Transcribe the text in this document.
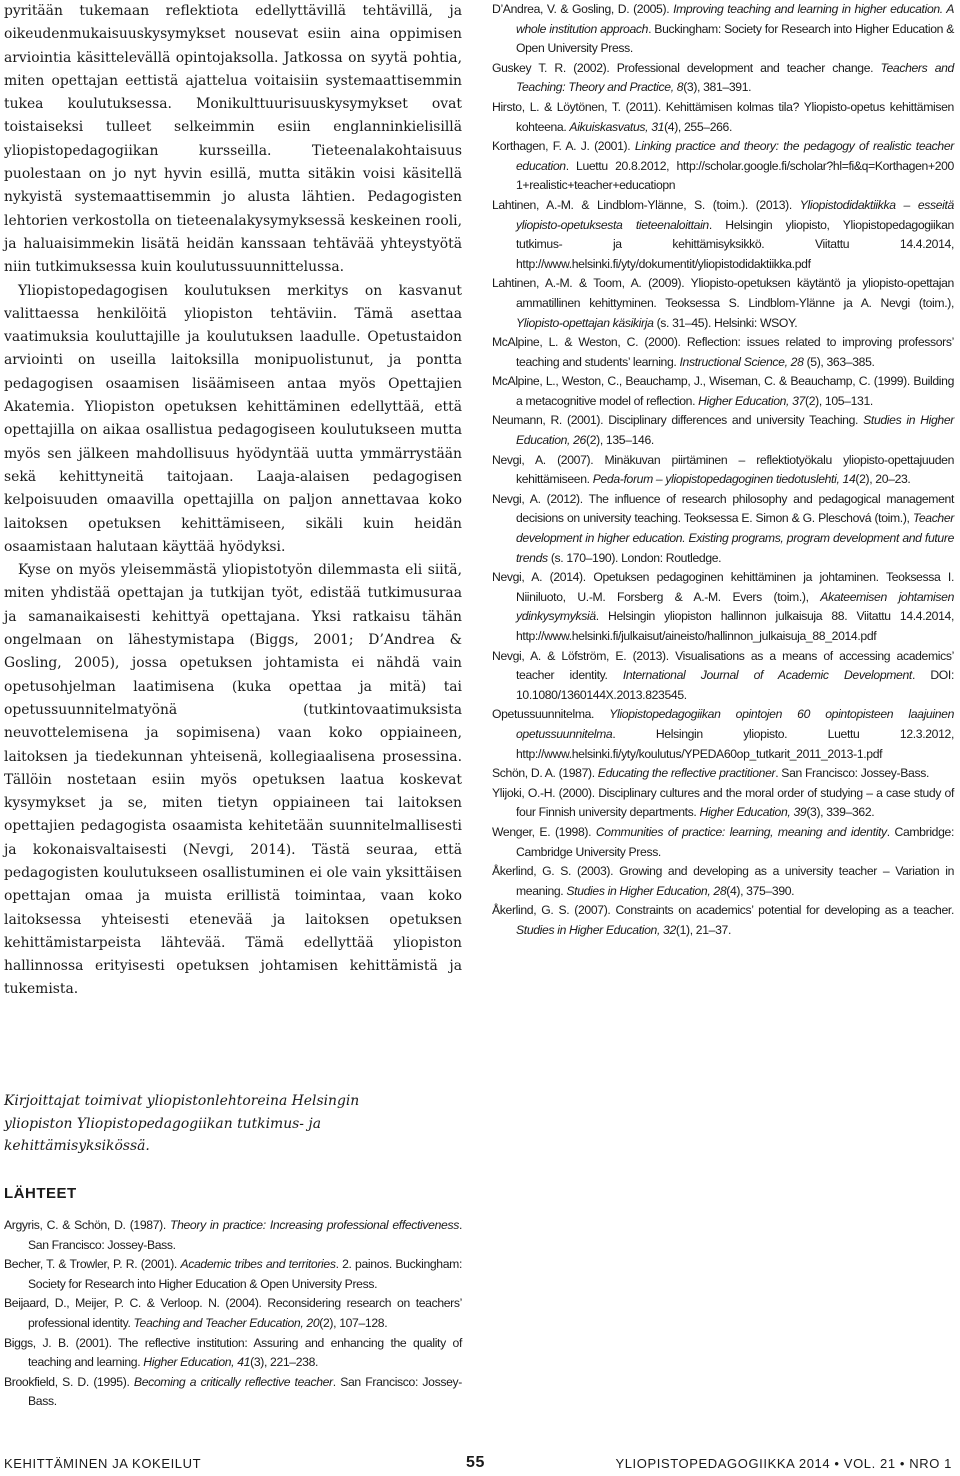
pyritään tukemaan reflektiota edellyttävillä tehtävillä, ja oikeudenmukaisuuskysymykset nousevat esiin aina oppimisen arviointia käsittelevällä opintojaksolla. Jatkossa on syytä pohtia, miten opettajan eettistä ajattelua voitaisiin systemaattisemmin tukea koulutuksessa. Monikulttuurisuuskysymykset ovat toistaiseksi tulleet selkeimmin esiin englanninkielisillä yliopistopedagogiikan kursseilla. Tieteenalakohtaisuus puolestaan on jo nyt hyvin esillä, mutta sitäkin voisi käsitellä nykyistä systemaattisemmin jo alusta lähtien. Pedagogisten lehtorien verkostolla on tieteenalakysymyksessä keskeinen rooli, ja haluaisimmekin lisätä heidän kanssaan tehtävää yhteystyötä niin tutkimuksessa kuin koulutussuunnittelussa.

Yliopistopedagogisen koulutuksen merkitys on kasvanut valittaessa henkilöitä yliopiston tehtäviin. Tämä asettaa vaatimuksia kouluttajille ja koulutuksen laadulle. Opetustaidon arviointi on useilla laitoksilla monipuolistunut, ja pontta pedagogisen osaamisen lisäämiseen antaa myös Opettajien Akatemia. Yliopiston opetuksen kehittäminen edellyttää, että opettajilla on aikaa osallistua pedagogiseen koulutukseen mutta myös sen jälkeen mahdollisuus hyödyntää uutta ymmärrystään sekä kehittyneitä taitojaan. Laaja-alaisen pedagogisen kelpoisuuden omaavilla opettajilla on paljon annettavaa koko laitoksen opetuksen kehittämiseen, sikäli kuin heidän osaamistaan halutaan käyttää hyödyksi.

Kyse on myös yleisemmästä yliopistotyön dilemmasta eli siitä, miten yhdistää opettajan ja tutkijan työt, edistää tutkimusuraa ja samanaikaisesti kehittyä opettajana. Yksi ratkaisu tähän ongelmaan on lähestymistapa (Biggs, 2001; D’Andrea & Gosling, 2005), jossa opetuksen johtamista ei nähdä vain opetusohjelman laatimisena (kuka opettaa ja mitä) tai opetussuunnitelmatyönä (tutkintovaatimuksista neuvottelemisena ja sopimisena) vaan koko oppiaineen, laitoksen ja tiedekunnan yhteisenä, kollegiaalisena prosessina. Tällöin nostetaan esiin myös opetuksen laatua koskevat kysymykset ja se, miten tietyn oppiaineen tai laitoksen opettajien pedagogista osaamista kehitetään suunnitelmallisesti ja kokonaisvaltaisesti (Nevgi, 2014). Tästä seuraa, että pedagogisten koulutukseen osallistuminen ei ole vain yksittäisen opettajan omaa ja muista erillistä toimintaa, vaan koko laitoksessa yhteisesti etenevää ja laitoksen opetuksen kehittämistarpeista lähtevää. Tämä edellyttää yliopiston hallinnossa erityisesti opetuksen johtamisen kehittämistä ja tukemista.

Kirjoittajat toimivat yliopistonlehtoreina Helsingin yliopiston Yliopistopedagogiikan tutkimus- ja kehittämisyksikössä.

LÄHTEET

Argyris, C. & Schön, D. (1987). Theory in practice: Increasing professional effectiveness. San Francisco: Jossey-Bass.

Becher, T. & Trowler, P. R. (2001). Academic tribes and territories. 2. painos. Buckingham: Society for Research into Higher Education & Open University Press.

Beijaard, D., Meijer, P. C. & Verloop. N. (2004). Reconsidering research on teachers’ professional identity. Teaching and Teacher Education, 20(2), 107–128.

Biggs, J. B. (2001). The reflective institution: Assuring and enhancing the quality of teaching and learning. Higher Education, 41(3), 221–238.

Brookfield, S. D. (1995). Becoming a critically reflective teacher. San Francisco: Jossey-Bass.

D’Andrea, V. & Gosling, D. (2005). Improving teaching and learning in higher education. A whole institution approach. Buckingham: Society for Research into Higher Education & Open University Press.

Guskey T. R. (2002). Professional development and teacher change. Teachers and Teaching: Theory and Practice, 8(3), 381–391.

Hirsto, L. & Löytönen, T. (2011). Kehittämisen kolmas tila? Yliopisto-opetus kehittämisen kohteena. Aikuiskasvatus, 31(4), 255–266.

Korthagen, F. A. J. (2001). Linking practice and theory: the pedagogy of realistic teacher education. Luettu 20.8.2012, http://scholar.google.fi/scholar?hl=fi&q=Korthagen+200 1+realistic+teacher+educatiopn

Lahtinen, A.-M. & Lindblom-Ylänne, S. (toim.). (2013). Yliopistodidaktiikka – esseitä yliopisto-opetuksesta tieteenaloittain. Helsingin yliopisto, Yliopistopedagogiikan tutkimus- ja kehittämisyksikkö. Viitattu 14.4.2014, http://www.helsinki.fi/yty/dokumentit/yliopistodidaktiikka.pdf

Lahtinen, A.-M. & Toom, A. (2009). Yliopisto-opetuksen käytäntö ja yliopisto-opettajan ammatillinen kehittyminen. Teoksessa S. Lindblom-Ylänne ja A. Nevgi (toim.), Yliopisto-opettajan käsikirja (s. 31–45). Helsinki: WSOY.

McAlpine, L. & Weston, C. (2000). Reflection: issues related to improving professors’ teaching and students’ learning. Instructional Science, 28 (5), 363–385.

McAlpine, L., Weston, C., Beauchamp, J., Wiseman, C. & Beauchamp, C. (1999). Building a metacognitive model of reflection. Higher Education, 37(2), 105–131.

Neumann, R. (2001). Disciplinary differences and university Teaching. Studies in Higher Education, 26(2), 135–146.

Nevgi, A. (2007). Minäkuvan piirtäminen – reflektiotyökalu yliopisto-opettajuuden kehittämiseen. Peda-forum – yliopistopedagoginen tiedotuslehti, 14(2), 20–23.

Nevgi, A. (2012). The influence of research philosophy and pedagogical management decisions on university teaching. Teoksessa E. Simon & G. Pleschová (toim.), Teacher development in higher education. Existing programs, program development and future trends (s. 170–190). London: Routledge.

Nevgi, A. (2014). Opetuksen pedagoginen kehittäminen ja johtaminen. Teoksessa I. Niiniluoto, U.-M. Forsberg & A.-M. Evers (toim.), Akateemisen johtamisen ydinkysymyksiä. Helsingin yliopiston hallinnon julkaisuja 88. Viitattu 14.4.2014, http://www.helsinki.fi/julkaisut/aineisto/hallinnon_julkaisuja_88_2014.pdf

Nevgi, A. & Löfström, E. (2013). Visualisations as a means of accessing academics’ teacher identity. International Journal of Academic Development. DOI: 10.1080/1360144X.2013.823545.

Opetussuunnitelma. Yliopistopedagogiikan opintojen 60 opintopisteen laajuinen opetussuunnitelma. Helsingin yliopisto. Luettu 12.3.2012, http://www.helsinki.fi/yty/koulutus/YPEDA60op_tutkarit_2011_2013-1.pdf

Schön, D. A. (1987). Educating the reflective practitioner. San Francisco: Jossey-Bass.

Ylijoki, O.-H. (2000). Disciplinary cultures and the moral order of studying – a case study of four Finnish university departments. Higher Education, 39(3), 339–362.

Wenger, E. (1998). Communities of practice: learning, meaning and identity. Cambridge: Cambridge University Press.

Åkerlind, G. S. (2003). Growing and developing as a university teacher – Variation in meaning. Studies in Higher Education, 28(4), 375–390.

Åkerlind, G. S. (2007). Constraints on academics’ potential for developing as a teacher. Studies in Higher Education, 32(1), 21–37.

KEHITTÄMINEN JA KOKEILUT	55	YLIOPISTOPEDAGOGIIKKA 2014 • VOL. 21 • NRO 1
